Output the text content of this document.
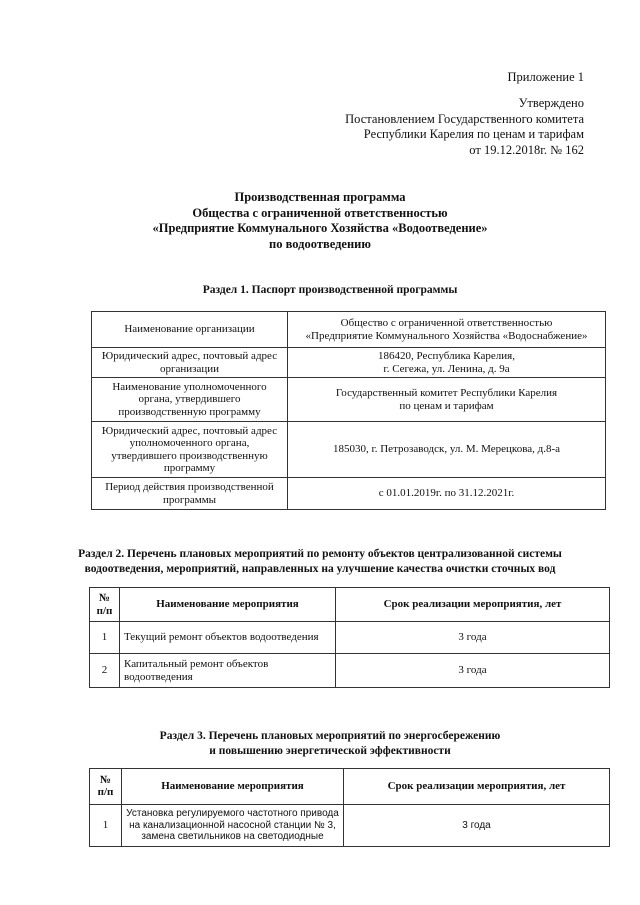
Приложение 1
Утверждено
Постановлением Государственного комитета
Республики Карелия по ценам и тарифам
от 19.12.2018г. № 162
Производственная программа
Общества с ограниченной ответственностью
«Предприятие Коммунального Хозяйства «Водоотведение»
по водоотведению
Раздел 1. Паспорт производственной программы
Наименование организации	Общество с ограниченной ответственностью
«Предприятие Коммунального Хозяйства «Водоснабжение»

Юридический адрес, почтовый адрес организации	186420, Республика Карелия,
г. Сегежа, ул. Ленина, д. 9а

Наименование уполномоченного органа, утвердившего производственную программу	Государственный комитет Республики Карелия
по ценам и тарифам

Юридический адрес, почтовый адрес уполномоченного органа, утвердившего производственную программу	185030, г. Петрозаводск, ул. М. Мерецкова, д.8-а

Период действия производственной программы	с 01.01.2019г. по 31.12.2021г.
Раздел 2. Перечень плановых мероприятий по ремонту объектов централизованной системы
водоотведения, мероприятий, направленных на улучшение качества очистки сточных вод
№ п/п	Наименование мероприятия	Срок реализации мероприятия, лет
1	Текущий ремонт объектов водоотведения	3 года
2	Капитальный ремонт объектов водоотведения	3 года
Раздел 3. Перечень плановых мероприятий по энергосбережению
и повышению энергетической эффективности
№ п/п	Наименование мероприятия	Срок реализации мероприятия, лет
1	Установка регулируемого частотного привода на канализационной насосной станции № 3, замена светильников на светодиодные	3 года
